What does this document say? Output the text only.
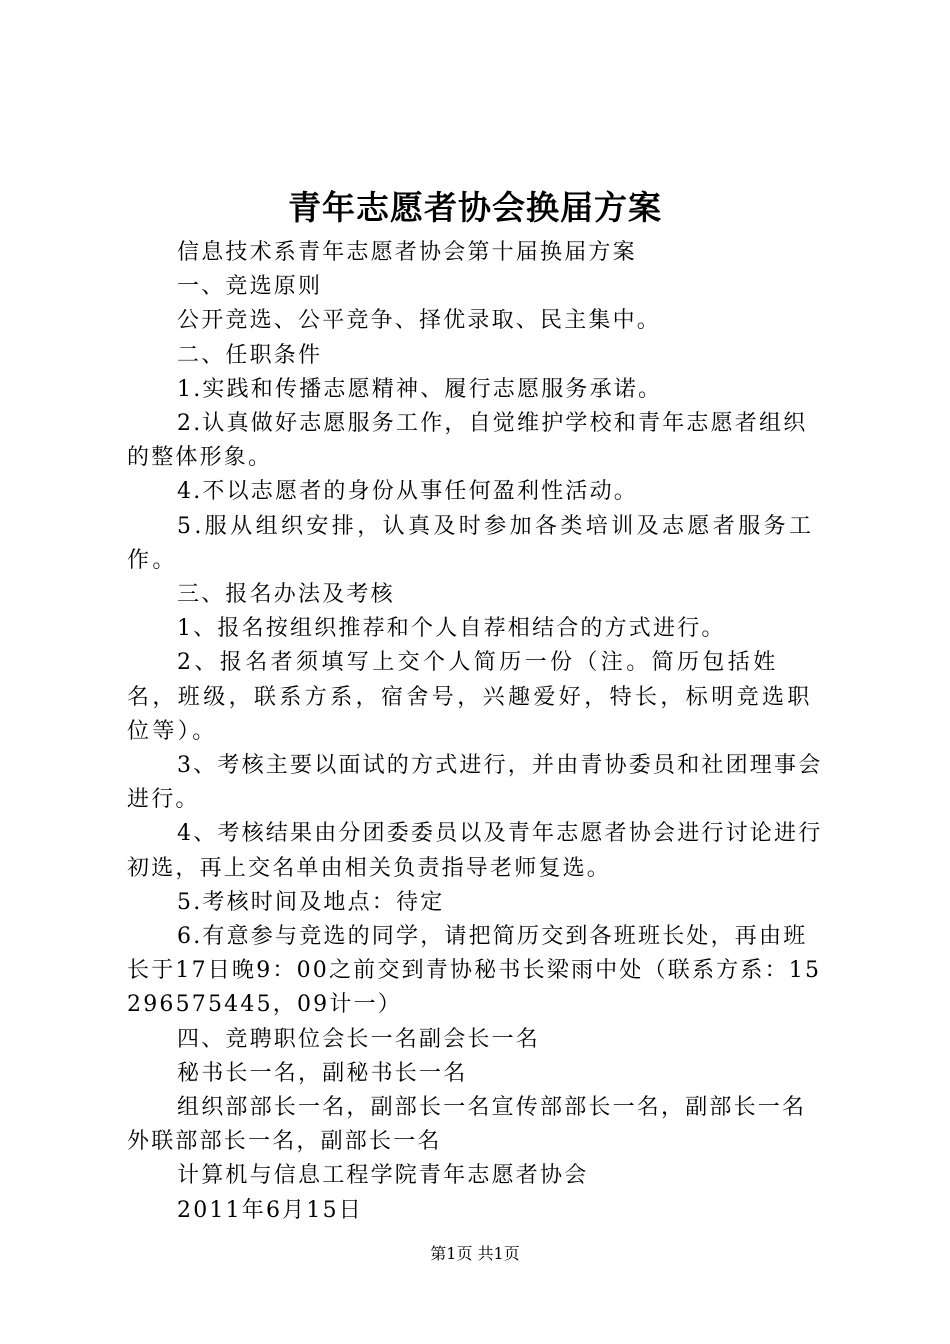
青年志愿者协会换届方案

信息技术系青年志愿者协会第十届换届方案

一、竞选原则

公开竞选、公平竞争、择优录取、民主集中。

二、任职条件

1.实践和传播志愿精神、履行志愿服务承诺。

2.认真做好志愿服务工作，自觉维护学校和青年志愿者组织的整体形象。

4.不以志愿者的身份从事任何盈利性活动。

5.服从组织安排，认真及时参加各类培训及志愿者服务工作。

三、报名办法及考核

1、报名按组织推荐和个人自荐相结合的方式进行。

2、报名者须填写上交个人简历一份（注。简历包括姓名，班级，联系方系，宿舍号，兴趣爱好，特长，标明竞选职位等）。

3、考核主要以面试的方式进行，并由青协委员和社团理事会进行。

4、考核结果由分团委委员以及青年志愿者协会进行讨论进行初选，再上交名单由相关负责指导老师复选。

5.考核时间及地点：待定

6.有意参与竞选的同学，请把简历交到各班班长处，再由班长于17日晚9：00之前交到青协秘书长梁雨中处（联系方系：15296575445，09计一）

四、竞聘职位会长一名副会长一名

秘书长一名，副秘书长一名

组织部部长一名，副部长一名宣传部部长一名，副部长一名外联部部长一名，副部长一名

计算机与信息工程学院青年志愿者协会

2011年6月15日

第1页 共1页
